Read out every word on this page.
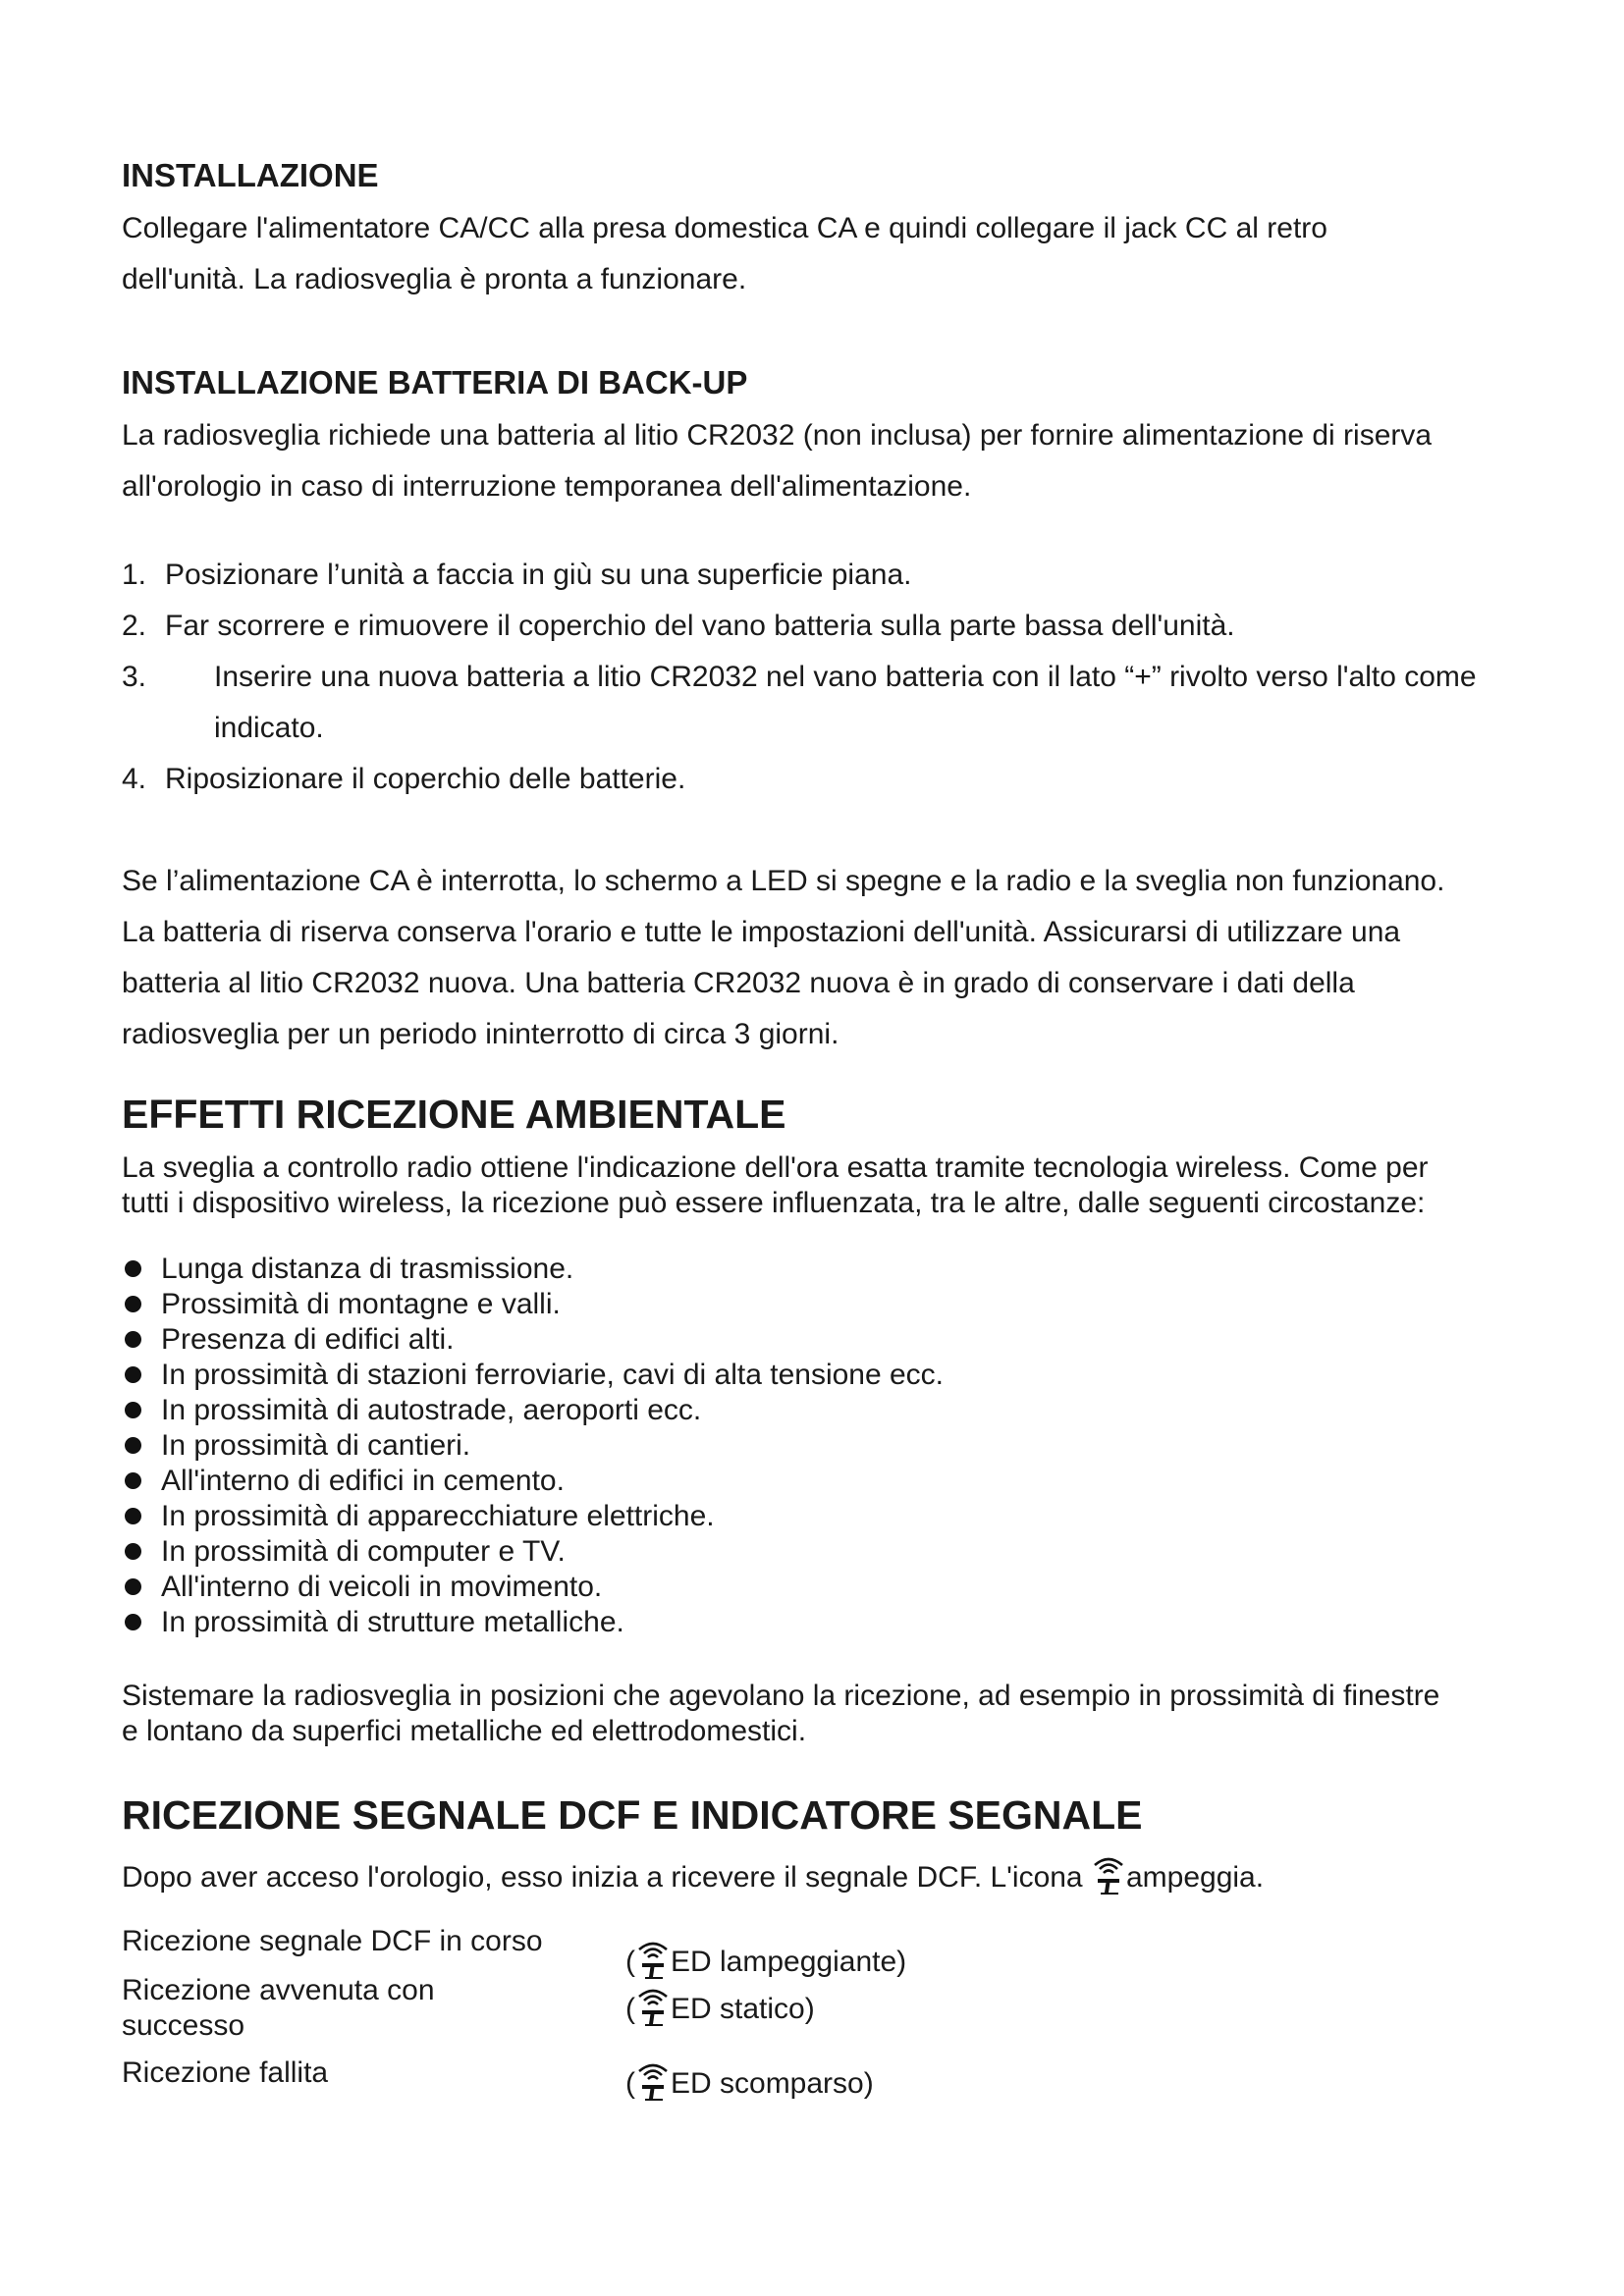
INSTALLAZIONE

Collegare l'alimentatore CA/CC alla presa domestica CA e quindi collegare il jack CC al retro

dell'unità. La radiosveglia è pronta a funzionare.

INSTALLAZIONE BATTERIA DI BACK-UP

La radiosveglia richiede una batteria al litio CR2032 (non inclusa) per fornire alimentazione di riserva

all'orologio in caso di interruzione temporanea dell'alimentazione.

1. Posizionare l’unità a faccia in giù su una superficie piana.
2. Far scorrere e rimuovere il coperchio del vano batteria sulla parte bassa dell'unità.
3. Inserire una nuova batteria a litio CR2032 nel vano batteria con il lato “+” rivolto verso l'alto come
indicato.
4. Riposizionare il coperchio delle batterie.

Se l’alimentazione CA è interrotta, lo schermo a LED si spegne e la radio e la sveglia non funzionano.

La batteria di riserva conserva l'orario e tutte le impostazioni dell'unità. Assicurarsi di utilizzare una

batteria al litio CR2032 nuova. Una batteria CR2032 nuova è in grado di conservare i dati della

radiosveglia per un periodo ininterrotto di circa 3 giorni.

EFFETTI RICEZIONE AMBIENTALE

La sveglia a controllo radio ottiene l'indicazione dell'ora esatta tramite tecnologia wireless. Come per

tutti i dispositivo wireless, la ricezione può essere influenzata, tra le altre, dalle seguenti circostanze:

Lunga distanza di trasmissione.
Prossimità di montagne e valli.
Presenza di edifici alti.
In prossimità di stazioni ferroviarie, cavi di alta tensione ecc.
In prossimità di autostrade, aeroporti ecc.
In prossimità di cantieri.
All'interno di edifici in cemento.
In prossimità di apparecchiature elettriche.
In prossimità di computer e TV.
All'interno di veicoli in movimento.
In prossimità di strutture metalliche.

Sistemare la radiosveglia in posizioni che agevolano la ricezione, ad esempio in prossimità di finestre

e lontano da superfici metalliche ed elettrodomestici.

RICEZIONE SEGNALE DCF E INDICATORE SEGNALE

Dopo aver acceso l'orologio, esso inizia a ricevere il segnale DCF. L'icona ampeggia.

Ricezione segnale DCF in corso
( ED lampeggiante)
Ricezione avvenuta con successo
( ED statico)
Ricezione fallita	( ED scomparso)
